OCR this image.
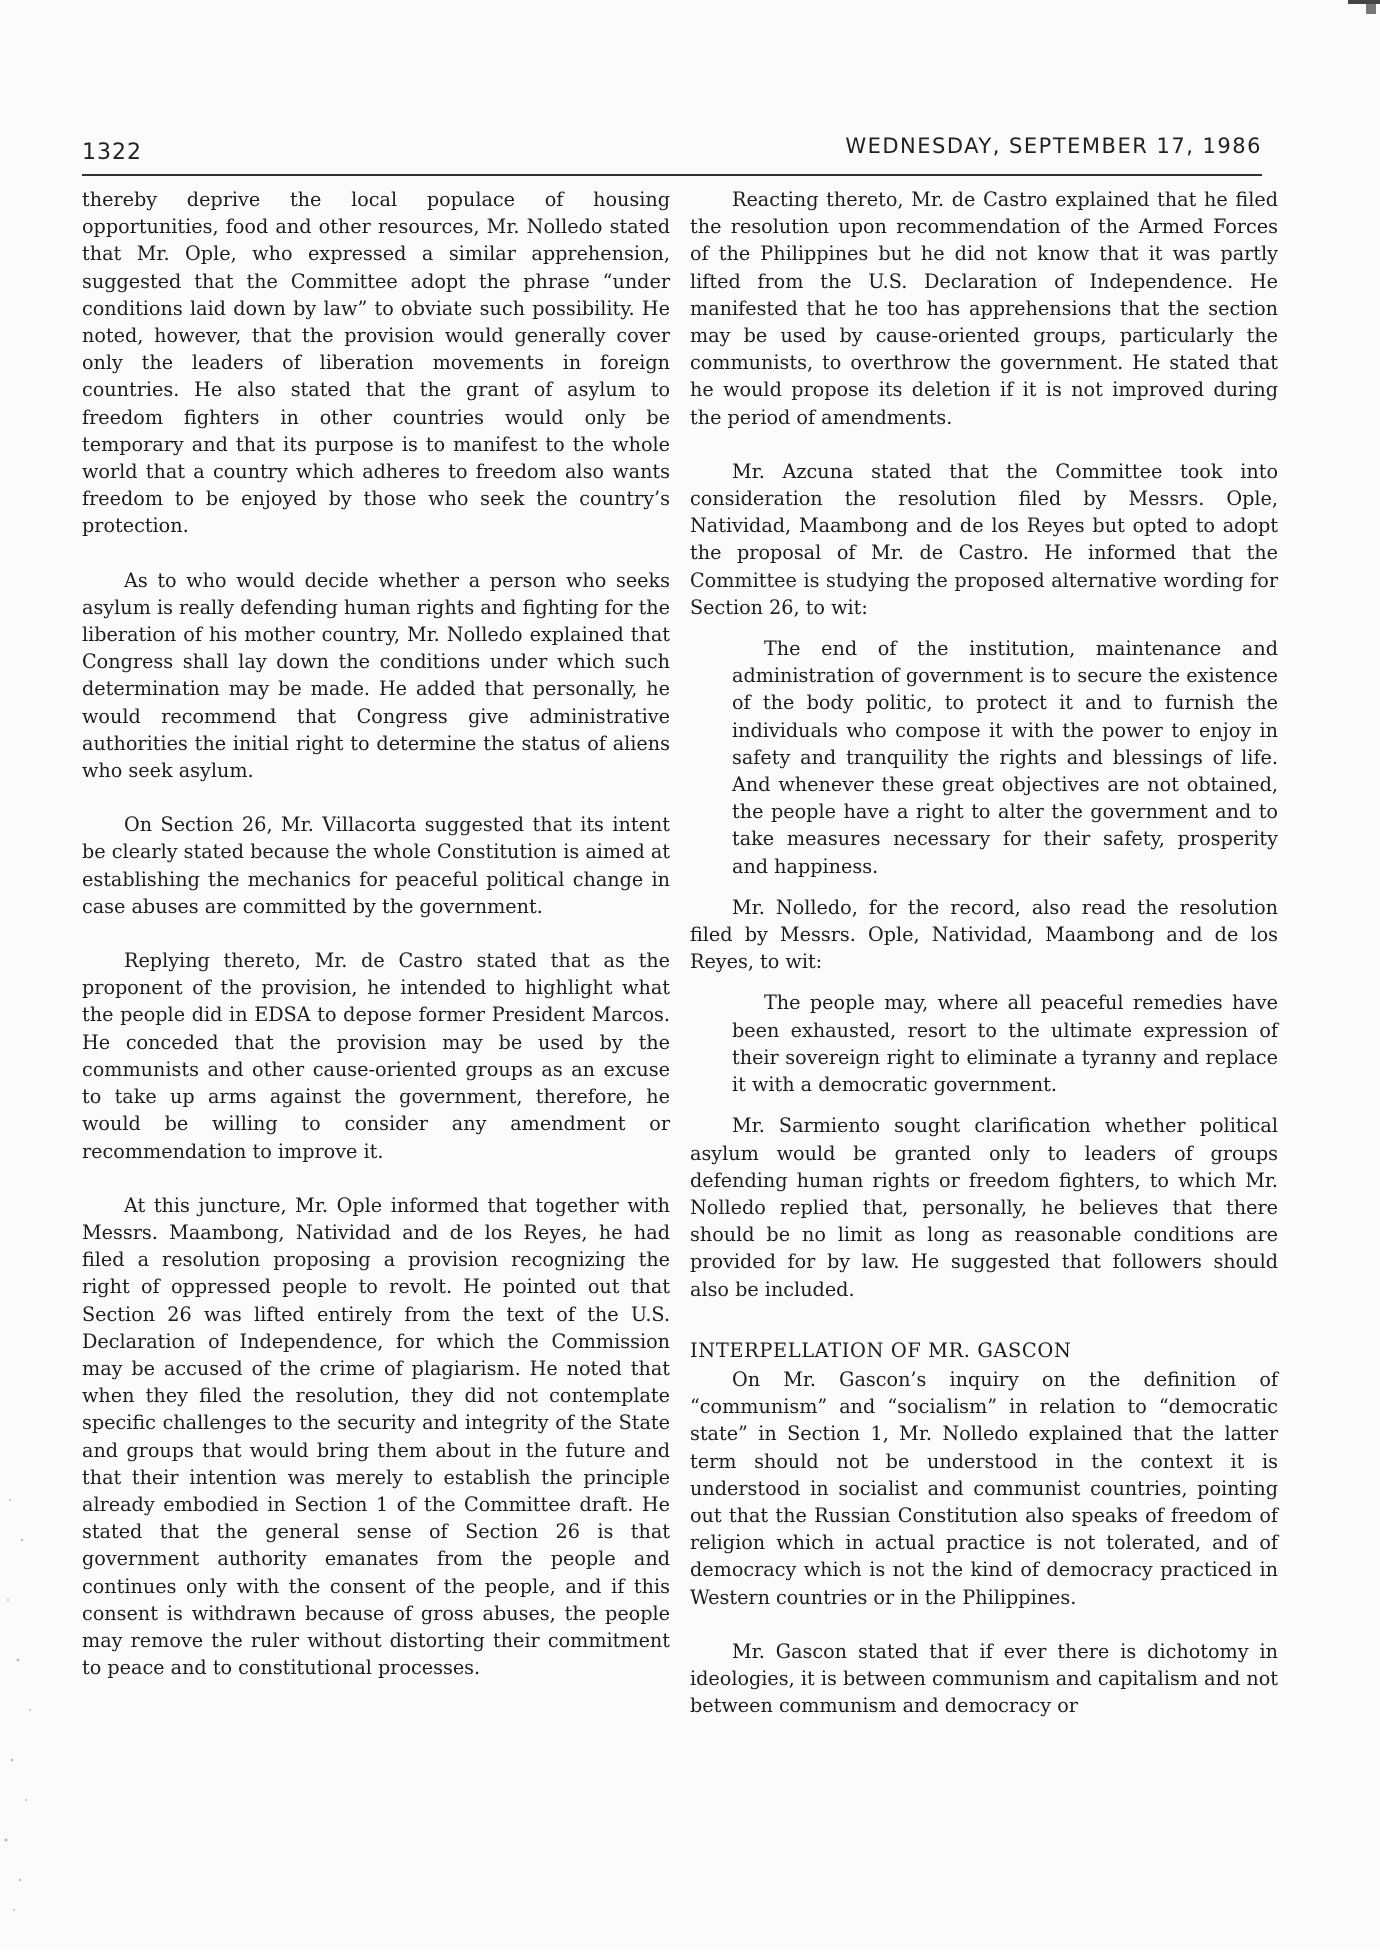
1322	WEDNESDAY, SEPTEMBER 17, 1986

thereby deprive the local populace of housing opportunities, food and other resources, Mr. Nolledo stated that Mr. Ople, who expressed a similar apprehension, suggested that the Committee adopt the phrase “under conditions laid down by law” to obviate such possibility. He noted, however, that the provision would generally cover only the leaders of liberation movements in foreign countries. He also stated that the grant of asylum to freedom fighters in other countries would only be temporary and that its purpose is to manifest to the whole world that a country which adheres to freedom also wants freedom to be enjoyed by those who seek the country’s protection.

As to who would decide whether a person who seeks asylum is really defending human rights and fighting for the liberation of his mother country, Mr. Nolledo explained that Congress shall lay down the conditions under which such determination may be made. He added that personally, he would recommend that Congress give administrative authorities the initial right to determine the status of aliens who seek asylum.

On Section 26, Mr. Villacorta suggested that its intent be clearly stated because the whole Constitution is aimed at establishing the mechanics for peaceful political change in case abuses are committed by the government.

Replying thereto, Mr. de Castro stated that as the proponent of the provision, he intended to highlight what the people did in EDSA to depose former President Marcos. He conceded that the provision may be used by the communists and other cause-oriented groups as an excuse to take up arms against the government, therefore, he would be willing to consider any amendment or recommendation to improve it.

At this juncture, Mr. Ople informed that together with Messrs. Maambong, Natividad and de los Reyes, he had filed a resolution proposing a provision recognizing the right of oppressed people to revolt. He pointed out that Section 26 was lifted entirely from the text of the U.S. Declaration of Independence, for which the Commission may be accused of the crime of plagiarism. He noted that when they filed the resolution, they did not contemplate specific challenges to the security and integrity of the State and groups that would bring them about in the future and that their intention was merely to establish the principle already embodied in Section 1 of the Committee draft. He stated that the general sense of Section 26 is that government authority emanates from the people and continues only with the consent of the people, and if this consent is withdrawn because of gross abuses, the people may remove the ruler without distorting their commitment to peace and to constitutional processes.

Reacting thereto, Mr. de Castro explained that he filed the resolution upon recommendation of the Armed Forces of the Philippines but he did not know that it was partly lifted from the U.S. Declaration of Independence. He manifested that he too has apprehensions that the section may be used by cause-oriented groups, particularly the communists, to overthrow the government. He stated that he would propose its deletion if it is not improved during the period of amendments.

Mr. Azcuna stated that the Committee took into consideration the resolution filed by Messrs. Ople, Natividad, Maambong and de los Reyes but opted to adopt the proposal of Mr. de Castro. He informed that the Committee is studying the proposed alternative wording for Section 26, to wit:

The end of the institution, maintenance and administration of government is to secure the existence of the body politic, to protect it and to furnish the individuals who compose it with the power to enjoy in safety and tranquility the rights and blessings of life. And whenever these great objectives are not obtained, the people have a right to alter the government and to take measures necessary for their safety, prosperity and happiness.

Mr. Nolledo, for the record, also read the resolution filed by Messrs. Ople, Natividad, Maambong and de los Reyes, to wit:

The people may, where all peaceful remedies have been exhausted, resort to the ultimate expression of their sovereign right to eliminate a tyranny and replace it with a democratic government.

Mr. Sarmiento sought clarification whether political asylum would be granted only to leaders of groups defending human rights or freedom fighters, to which Mr. Nolledo replied that, personally, he believes that there should be no limit as long as reasonable conditions are provided for by law. He suggested that followers should also be included.

INTERPELLATION OF MR. GASCON

On Mr. Gascon’s inquiry on the definition of “communism” and “socialism” in relation to “democratic state” in Section 1, Mr. Nolledo explained that the latter term should not be understood in the context it is understood in socialist and communist countries, pointing out that the Russian Constitution also speaks of freedom of religion which in actual practice is not tolerated, and of democracy which is not the kind of democracy practiced in Western countries or in the Philippines.

Mr. Gascon stated that if ever there is dichotomy in ideologies, it is between communism and capitalism and not between communism and democracy or
